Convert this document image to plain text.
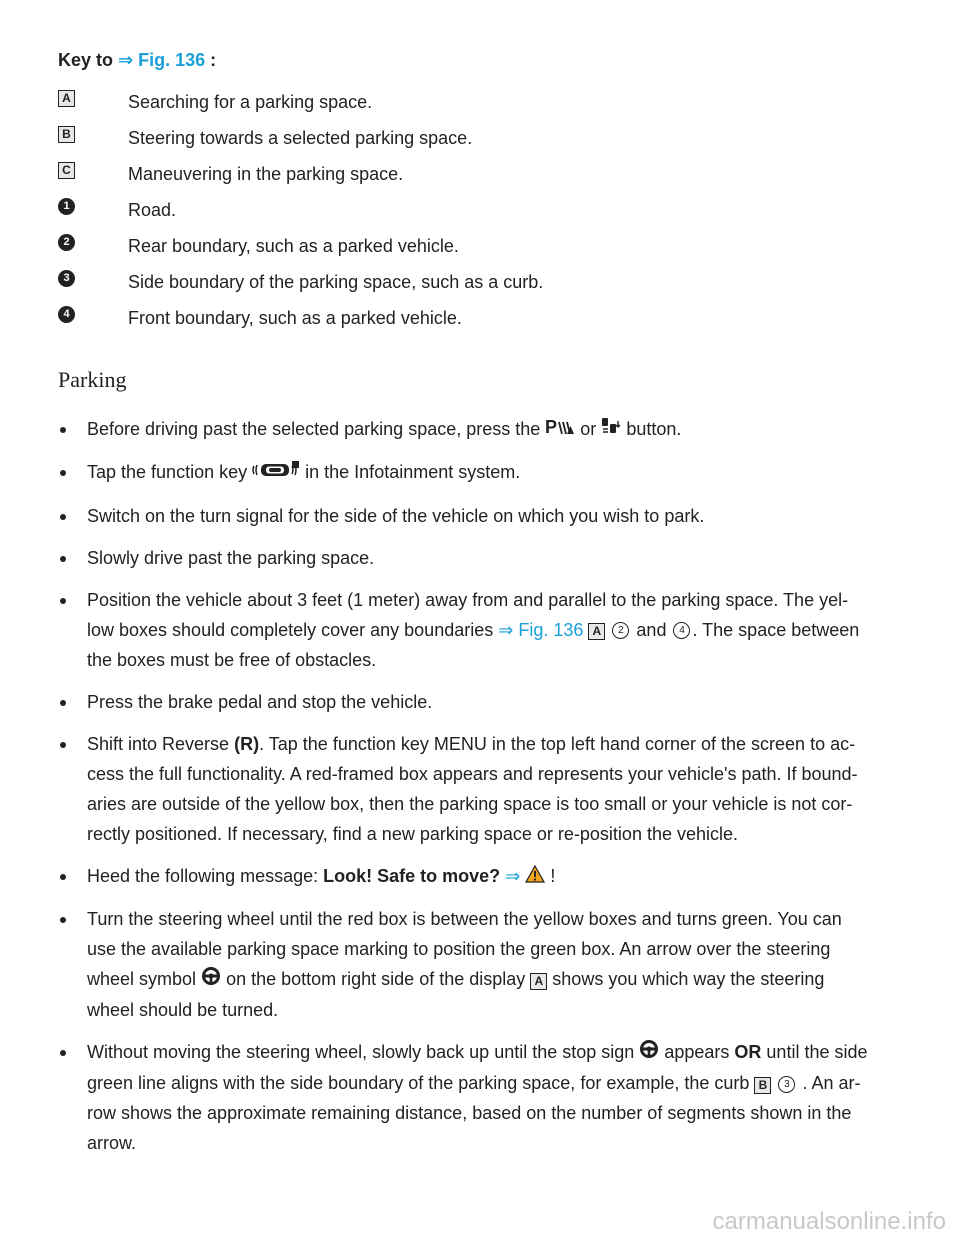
Key to ⇒ Fig. 136 :
A	Searching for a parking space.
B	Steering towards a selected parking space.
C	Maneuvering in the parking space.
1	Road.
2	Rear boundary, such as a parked vehicle.
3	Side boundary of the parking space, such as a curb.
4	Front boundary, such as a parked vehicle.
Parking
Before driving past the selected parking space, press the P or button.
Tap the function key	in the Infotainment system.
Switch on the turn signal for the side of the vehicle on which you wish to park.
Slowly drive past the parking space.
Position the vehicle about 3 feet (1 meter) away from and parallel to the parking space. The yel-
low boxes should completely cover any boundaries ⇒ Fig. 136 A 2 and 4 . The space between
the boxes must be free of obstacles.
Press the brake pedal and stop the vehicle.
Shift into Reverse (R). Tap the function key MENU in the top left hand corner of the screen to ac-
cess the full functionality. A red-framed box appears and represents your vehicle's path. If bound-
aries are outside of the yellow box, then the parking space is too small or your vehicle is not cor-
rectly positioned. If necessary, find a new parking space or re-position the vehicle.
Heed the following message: Look! Safe to move? ⇒  !
Turn the steering wheel until the red box is between the yellow boxes and turns green. You can
use the available parking space marking to position the green box. An arrow over the steering
wheel symbol on the bottom right side of the display A shows you which way the steering
wheel should be turned.
Without moving the steering wheel, slowly back up until the stop sign appears OR until the side
green line aligns with the side boundary of the parking space, for example, the curb B 3 . An ar-
row shows the approximate remaining distance, based on the number of segments shown in the
arrow.
carmanualsonline.info
